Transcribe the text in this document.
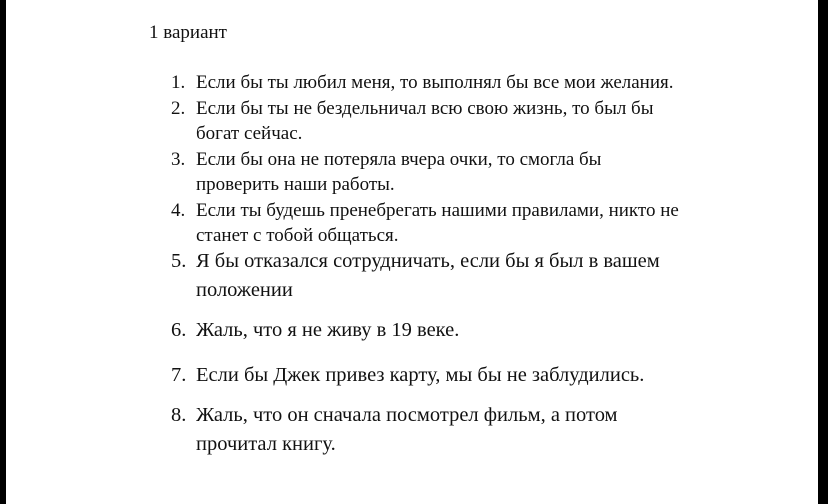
1 вариант
1. Если бы ты любил меня, то выполнял бы все мои желания.
2. Если бы ты не бездельничал всю свою жизнь, то был бы
богат сейчас.
3. Если бы она не потеряла вчера очки, то смогла бы
проверить наши работы.
4. Если ты будешь пренебрегать нашими правилами, никто не
станет с тобой общаться.
5. Я бы отказался сотрудничать, если бы я был в вашем
положении
6. Жаль, что я не живу в 19 веке.
7. Если бы Джек привез карту, мы бы не заблудились.
8. Жаль, что он сначала посмотрел фильм, а потом
прочитал книгу.
